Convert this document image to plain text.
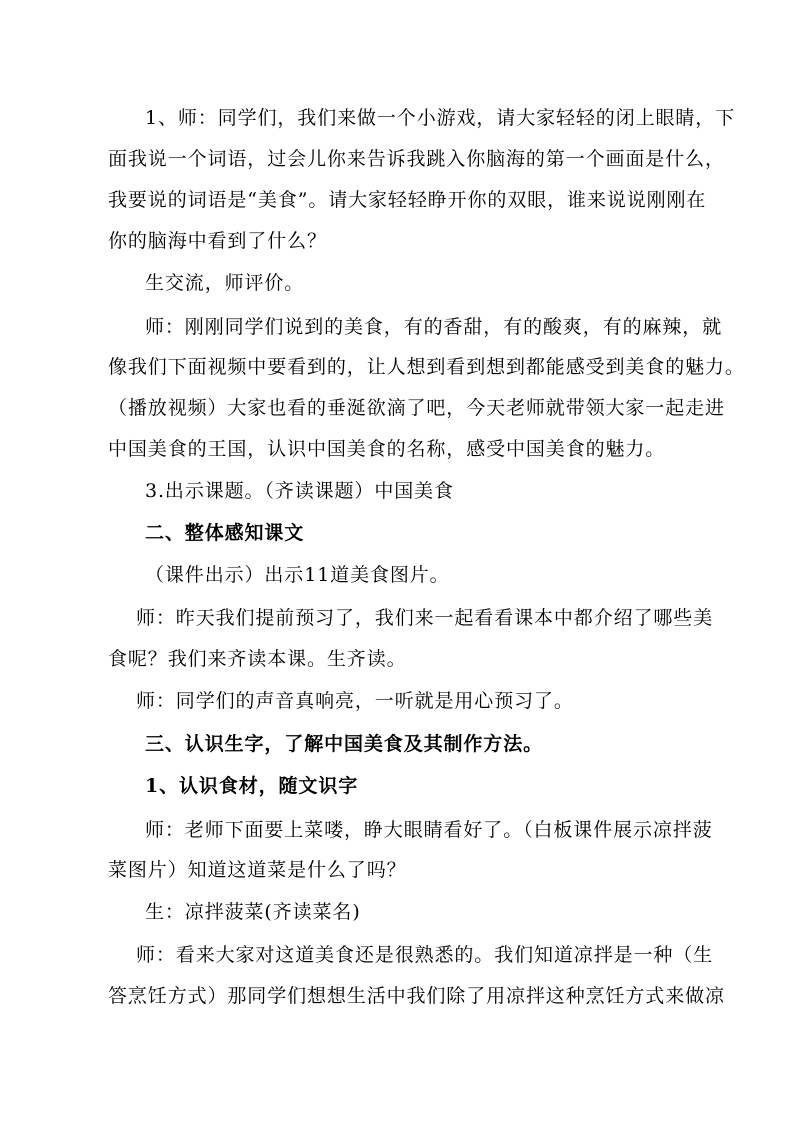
1、师：同学们，我们来做一个小游戏，请大家轻轻的闭上眼睛，下
面我说一个词语，过会儿你来告诉我跳入你脑海的第一个画面是什么，
我要说的词语是“美食”。请大家轻轻睁开你的双眼，谁来说说刚刚在
你的脑海中看到了什么？
生交流，师评价。
师：刚刚同学们说到的美食，有的香甜，有的酸爽，有的麻辣，就
像我们下面视频中要看到的，让人想到看到想到都能感受到美食的魅力。
（播放视频）大家也看的垂涎欲滴了吧，今天老师就带领大家一起走进
中国美食的王国，认识中国美食的名称，感受中国美食的魅力。
3.出示课题。（齐读课题）中国美食
二、整体感知课文
（课件出示）出示11道美食图片。
师：昨天我们提前预习了，我们来一起看看课本中都介绍了哪些美
食呢？我们来齐读本课。生齐读。
师：同学们的声音真响亮，一听就是用心预习了。
三、认识生字，了解中国美食及其制作方法。
1、认识食材，随文识字
师：老师下面要上菜喽，睁大眼睛看好了。（白板课件展示凉拌菠
菜图片）知道这道菜是什么了吗？
生：凉拌菠菜(齐读菜名)
师：看来大家对这道美食还是很熟悉的。我们知道凉拌是一种（生
答烹饪方式）那同学们想想生活中我们除了用凉拌这种烹饪方式来做凉
